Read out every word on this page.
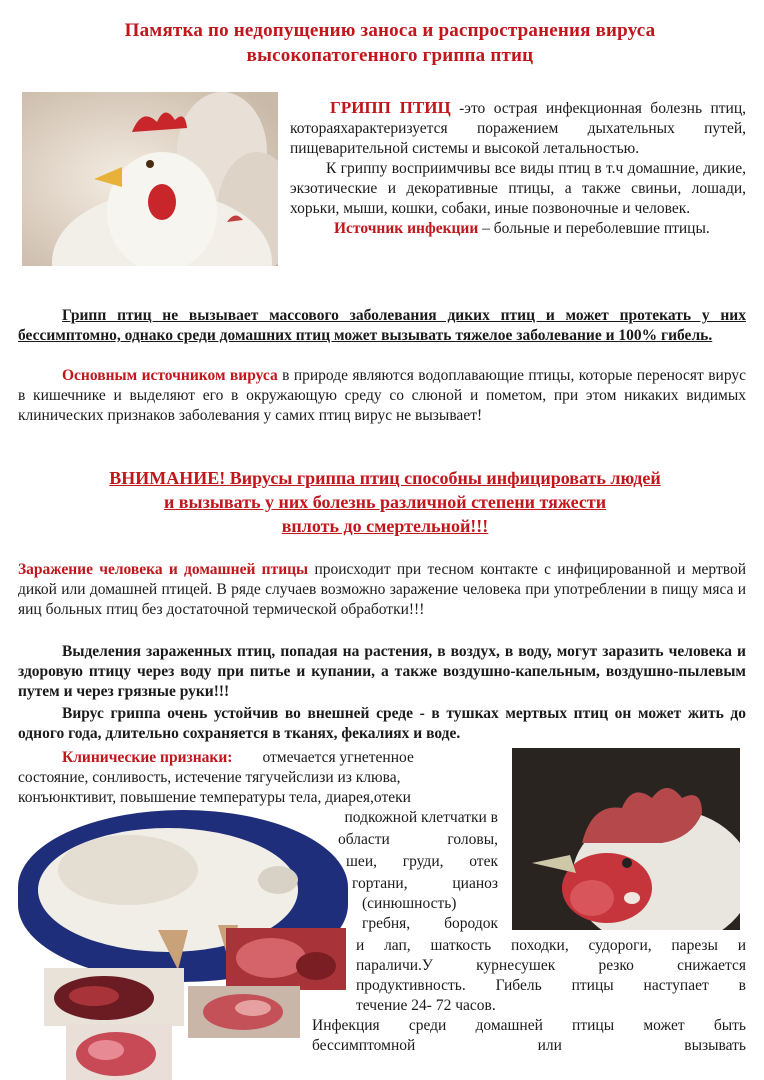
Памятка по недопущению заноса и распространения вируса
высокопатогенного гриппа птиц

ГРИПП ПТИЦ -это острая инфекционная болезнь птиц, котораяхарактеризуется поражением дыхательных путей, пищеварительной системы и высокой летальностью.

К гриппу восприимчивы все виды птиц в т.ч домашние, дикие, экзотические и декоративные птицы, а также свиньи, лошади, хорьки, мыши, кошки, собаки, иные позвоночные и человек.

Источник инфекции – больные и переболевшие птицы.

Грипп птиц не вызывает массового заболевания диких птиц и может протекать у них бессимптомно, однако среди домашних птиц может вызывать тяжелое заболевание и 100% гибель.

Основным источником вируса в природе являются водоплавающие птицы, которые переносят вирус в кишечнике и выделяют его в окружающую среду со слюной и пометом, при этом никаких видимых клинических признаков заболевания у самих птиц вирус не вызывает!

ВНИМАНИЕ! Вирусы гриппа птиц способны инфицировать людей
и вызывать у них болезнь различной степени тяжести
вплоть до смертельной!!!

Заражение человека и домашней птицы происходит при тесном контакте с инфицированной и мертвой дикой или домашней птицей. В ряде случаев возможно заражение человека при употреблении в пищу мяса и яиц больных птиц без достаточной термической обработки!!!

Выделения зараженных птиц, попадая на растения, в воздух, в воду, могут заразить человека и здоровую птицу через воду при питье и купании, а также воздушно-капельным, воздушно-пылевым путем и через грязные руки!!!

Вирус гриппа очень устойчив во внешней среде - в тушках мертвых птиц он может жить до одного года, длительно сохраняется в тканях, фекалиях и воде.

Клинические признаки: отмечается угнетенное
состояние, сонливость, истечение тягучейслизи из клюва,
конъюнктивит, повышение температуры тела, диарея,отеки
подкожной клетчатки в
области головы,
шеи, груди, отек
гортани, цианоз
(синюшность)
гребня, бородок
и лап, шаткость походки, судороги, парезы и
параличи.У курнесушек резко снижается
продуктивность. Гибель птицы наступает в
течение 24- 72 часов.
Инфекция среди домашней птицы может быть
бессимптомной	или	вызывать
